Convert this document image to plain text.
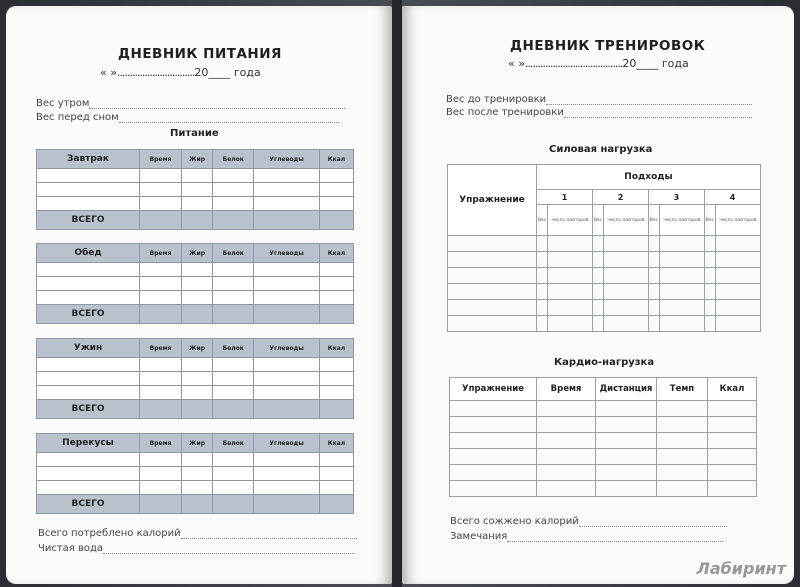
ДНЕВНИК ПИТАНИЯ
« »...............................20____ года
Вес утром
Вес перед сном
Питание
Завтрак	Время	Жир	Белок	Углеводы	Ккал

ВСЕГО					
Обед	Время	Жир	Белок	Углеводы	Ккал

ВСЕГО					
Ужин	Время	Жир	Белок	Углеводы	Ккал

ВСЕГО					
Перекусы	Время	Жир	Белок	Углеводы	Ккал

ВСЕГО					
Всего потреблено калорий
Чистая вода
ДНЕВНИК ТРЕНИРОВОК
« ».......................................20____ года
Вес до тренировки
Вес после тренировки
Силовая нагрузка
Упражнение	Подходы							
	1		2		3		4	
	Вес	число повторов	Вес	число повторов	Вес	число повторов	Вес	число повторов

Кардио-нагрузка
Упражнение	Время	Дистанция	Темп	Ккал

Всего сожжено калорий
Замечания
Лабиринт
